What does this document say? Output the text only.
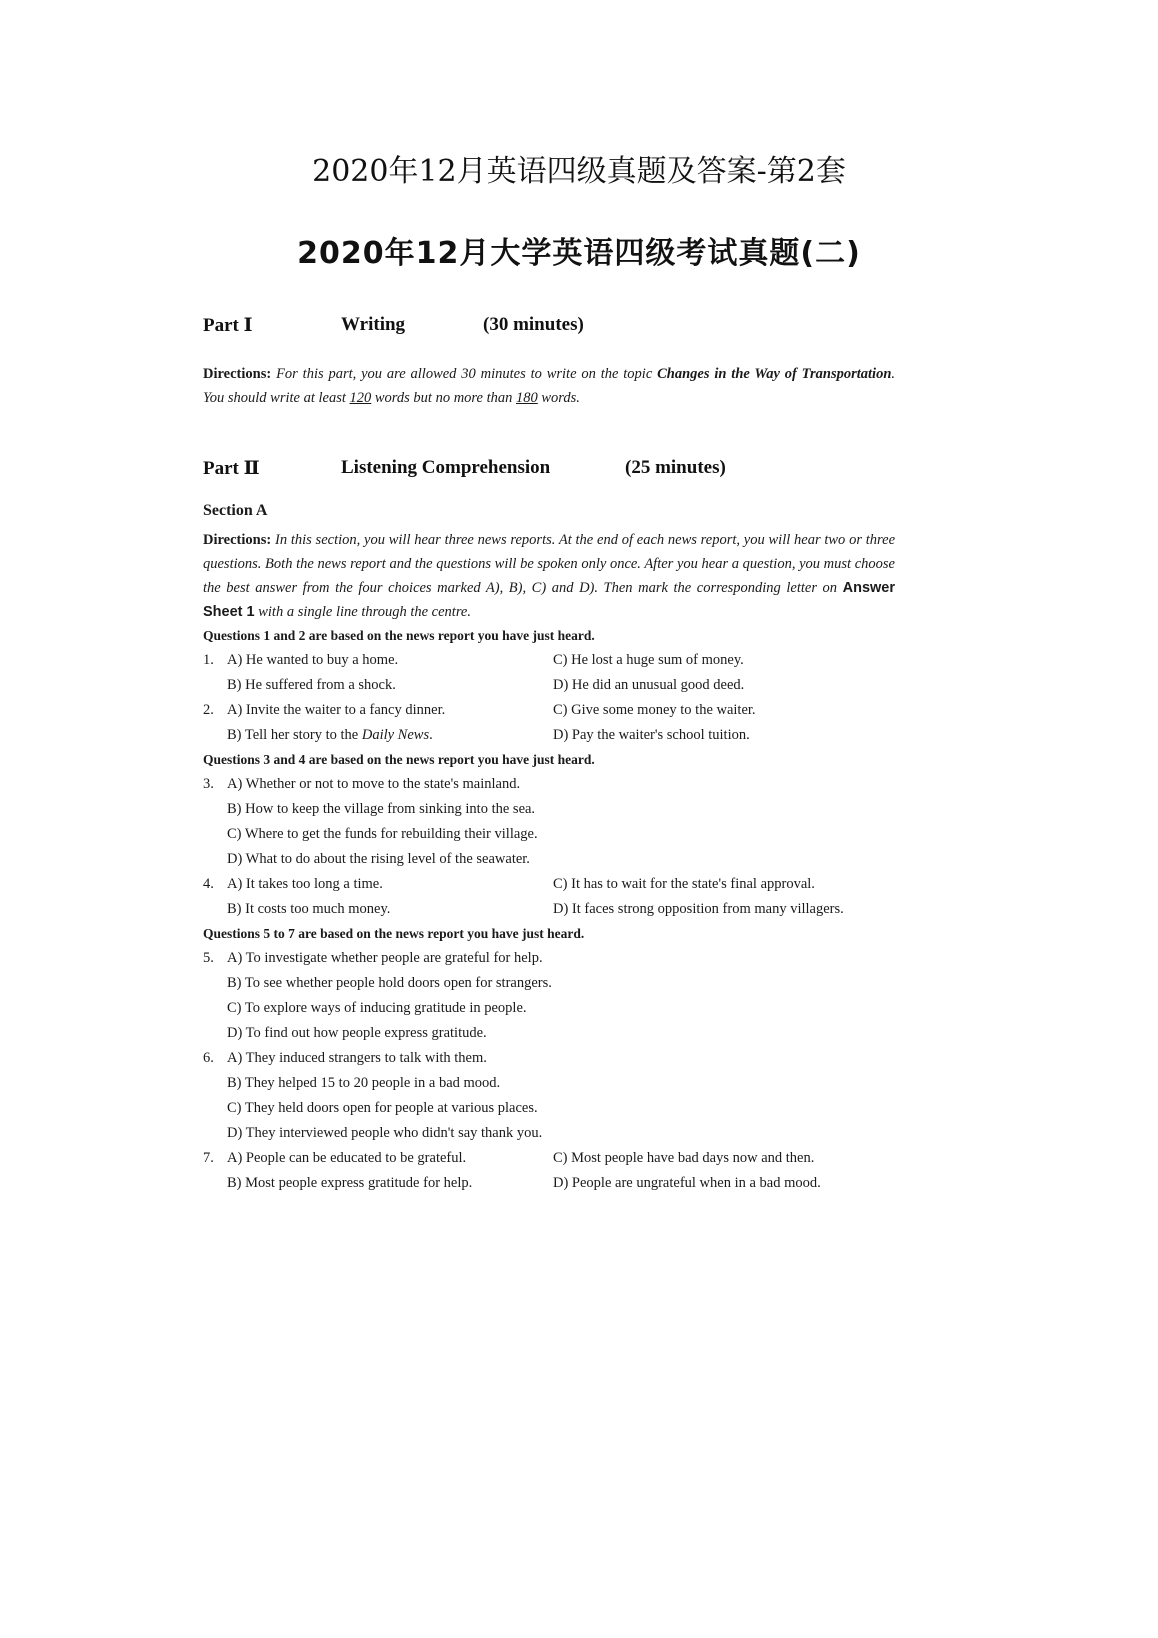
2020年12月英语四级真题及答案-第2套
2020年12月大学英语四级考试真题(二)
Part Ⅰ	Writing	(30 minutes)
Directions: For this part, you are allowed 30 minutes to write on the topic Changes in the Way of Transportation. You should write at least 120 words but no more than 180 words.
Part Ⅱ	Listening Comprehension	(25 minutes)
Section A
Directions: In this section, you will hear three news reports. At the end of each news report, you will hear two or three questions. Both the news report and the questions will be spoken only once. After you hear a question, you must choose the best answer from the four choices marked A), B), C) and D). Then mark the corresponding letter on Answer Sheet 1 with a single line through the centre.
Questions 1 and 2 are based on the news report you have just heard.
1. A) He wanted to buy a home.	C) He lost a huge sum of money.
B) He suffered from a shock.	D) He did an unusual good deed.
2. A) Invite the waiter to a fancy dinner.	C) Give some money to the waiter.
B) Tell her story to the Daily News.	D) Pay the waiter's school tuition.
Questions 3 and 4 are based on the news report you have just heard.
3. A) Whether or not to move to the state's mainland.
B) How to keep the village from sinking into the sea.
C) Where to get the funds for rebuilding their village.
D) What to do about the rising level of the seawater.
4. A) It takes too long a time.	C) It has to wait for the state's final approval.
B) It costs too much money.	D) It faces strong opposition from many villagers.
Questions 5 to 7 are based on the news report you have just heard.
5. A) To investigate whether people are grateful for help.
B) To see whether people hold doors open for strangers.
C) To explore ways of inducing gratitude in people.
D) To find out how people express gratitude.
6. A) They induced strangers to talk with them.
B) They helped 15 to 20 people in a bad mood.
C) They held doors open for people at various places.
D) They interviewed people who didn't say thank you.
7. A) People can be educated to be grateful.	C) Most people have bad days now and then.
B) Most people express gratitude for help.	D) People are ungrateful when in a bad mood.
